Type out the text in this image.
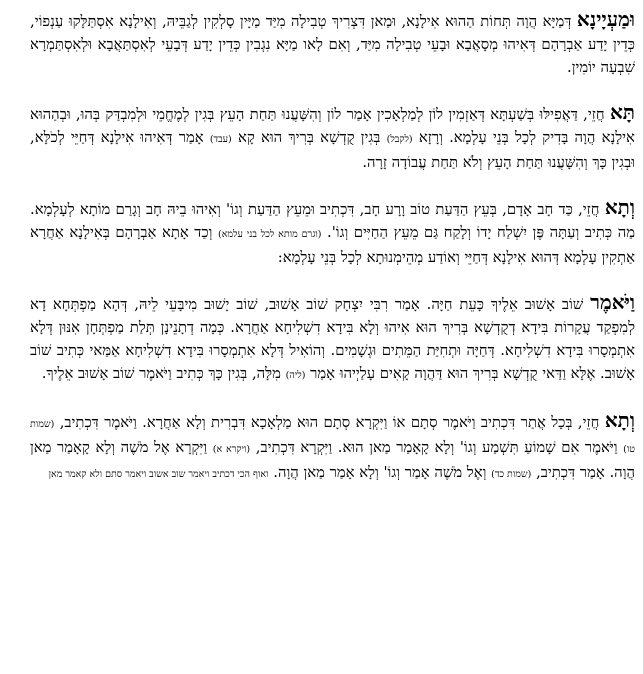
וּמַעְיָינָא דְּמַיָּא הֲוָה תְּחוֹת הַהוּא אִילָנָא, וּמַאן דִּצְרִיךְ טְבִילָה מִיַּד מַיָּין סָלְקִין לְגַבֵּיהּ, וְאִילָנָא אִסְתַּלָּקוּ עַנְפוֹי, כְּדֵין יָדַע אַבְרָהָם דְּאִיהוּ מְסָאֲבָא וּבָעֵי טְבִילָה מִיַּד, וְאִם לָאו מַיָּא נִגְבִין כְּדֵין יָדַע דְּבָעֵי לְאִסְתַּאֲבָא וּלְאִסְתַּמְרָא שִׁבְעָה יוֹמִין.

תָּא חֲזֵי, דַּאֲפִילּוּ בְּשַׁעְתָּא דְּאַזְמִין לוֹן לְמַלְאָכִין אָמַר לוֹן וְהִשָּׁעֲנוּ תַּחַת הָעֵץ בְּגִין לְמֶחֱמֵי וּלְמִבְדַּק בְּהוּ, וּבְהַהוּא אִילָנָא הֲוָה בָּדִיק לְכָל בְּנֵי עָלְמָא. וְרָזָא (לקבל) בְּגִין קֻדְשָׁא בְּרִיךְ הוּא קָא (עבד) אָמַר דְּאִיהוּ אִילָנָא דְּחַיֵּי לְכֹלָּא, וּבְגִין כָּךְ וְהִשָּׁעֲנוּ תַּחַת הָעֵץ וְלֹא תַּחַת עֲבוֹדָה זָרָה.

וְתָא חֲזֵי, כַּד חָב אָדָם, בְּעֵץ הַדַּעַת טוֹב וָרָע חָב, דִּכְתִיב וּמֵעֵץ הַדַּעַת וְגוֹ' וְאִיהוּ בֵיהּ חָב וְגָרַם מוֹתָא לְעָלְמָא. מַה כְּתִיב וְעַתָּה פֶּן יִשְׁלַח יָדוֹ וְלָקַח גַּם מֵעֵץ הַחַיִּים וְגוֹ'. (וגרם מותא לכל בני עלמא) וְכַד אָתָא אַבְרָהָם בְּאִילָנָא אַחֲרָא אַתְקִין עָלְמָא דְּהוּא אִילָנָא דְּחַיֵּי וְאוֹדַע מְהֵימְנוּתָא לְכָל בְּנֵי עָלְמָא:

וַיֹּאמֶר שׁוֹב אָשׁוּב אֵלֶיךָ כָּעֵת חַיָּה. אָמַר רִבִּי יִצְחָק שׁוֹב אָשׁוּב, שׁוֹב יָשׁוּב מִיבָּעֵי לֵיהּ, דְּהָא מַפְתְּחָא דָא לְמִפְקַד עֲקָרוֹת בִּידָא דְקֻדְשָׁא בְּרִיךְ הוּא אִיהוּ וְלָא בִּידָא דִשְׁלִיחָא אַחֲרָא. כְּמָה דְתָנֵינָן תְּלַת מַפְתְּחָן אִנּוּן דְּלָא אִתְמְסָרוּ בִּידָא דִשְׁלִיחָא. דְּחַיָּה וּתְחִיַּת הַמֵּתִים וּגְשָׁמִים. וְהוֹאִיל דְּלָא אִתְמְסָרוּ בִּידָא דִשְׁלִיחָא אַמַּאי כְּתִיב שׁוֹב אָשׁוּב. אֶלָּא וַדַּאי קֻדְשָׁא בְּרִיךְ הוּא דַּהֲוָה קָאִים עָלַיְיהוּ אָמַר (ליה) מִלָּה, בְּגִין כָּךְ כְּתִיב וַיֹּאמֶר שׁוֹב אָשׁוּב אֵלֶיךָ.

וְתָא חֲזֵי, בְּכָל אֲתַר דִּכְתִיב וַיֹּאמֶר סְתָם אוֹ וַיִּקְרָא סְתָם הוּא מַלְאָכָא דִּבְרִית וְלָא אַחֲרָא. וַיֹּאמֶר דִּכְתִיב, (שמות טו) וַיֹּאמֶר אִם שָׁמוֹעַ תִּשְׁמַע וְגוֹ' וְלָא קָאָמַר מַאן הוּא. וַיִּקְרָא דִּכְתִיב, (ויקרא א) וַיִּקְרָא אֶל מֹשֶׁה וְלָא קָאָמַר מַאן הֲוָה. אָמַר דִּכְתִיב, (שמות כד) וְאֶל מֹשֶׁה אָמַר וְגוֹ' וְלָא אָמַר מַאן הֲוָה. ואוף הכי דכתיב ויאמר שוב אשוב ויאמר סתם ולא קאמר מאן
